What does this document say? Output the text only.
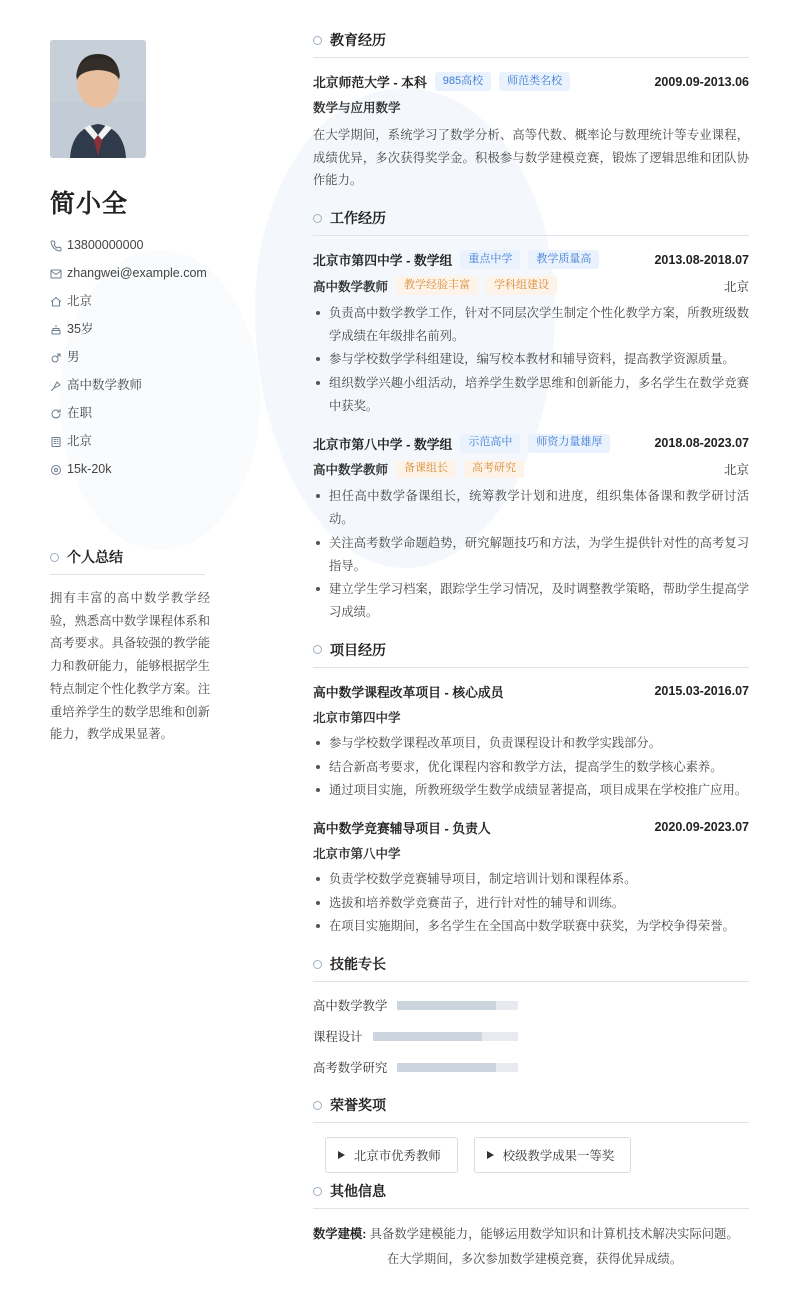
简小全
13800000000
zhangwei@example.com
北京
35岁
男
高中数学教师
在职
北京
15k-20k
个人总结
拥有丰富的高中数学教学经验，熟悉高中数学课程体系和高考要求。具备较强的教学能力和教研能力，能够根据学生特点制定个性化教学方案。注重培养学生的数学思维和创新能力，教学成果显著。
教育经历
北京师范大学 - 本科	985高校	师范类名校	2009.09-2013.06
数学与应用数学
在大学期间，系统学习了数学分析、高等代数、概率论与数理统计等专业课程，成绩优异，多次获得奖学金。积极参与数学建模竞赛，锻炼了逻辑思维和团队协作能力。
工作经历
北京市第四中学 - 数学组	重点中学	教学质量高	2013.08-2018.07
高中数学教师	教学经验丰富	学科组建设	北京
负责高中数学教学工作，针对不同层次学生制定个性化教学方案，所教班级数学成绩在年级排名前列。
参与学校数学学科组建设，编写校本教材和辅导资料，提高教学资源质量。
组织数学兴趣小组活动，培养学生数学思维和创新能力，多名学生在数学竞赛中获奖。
北京市第八中学 - 数学组	示范高中	师资力量雄厚	2018.08-2023.07
高中数学教师	备课组长	高考研究	北京
担任高中数学备课组长，统筹教学计划和进度，组织集体备课和教学研讨活动。
关注高考数学命题趋势，研究解题技巧和方法，为学生提供针对性的高考复习指导。
建立学生学习档案，跟踪学生学习情况，及时调整教学策略，帮助学生提高学习成绩。
项目经历
高中数学课程改革项目 - 核心成员	2015.03-2016.07
北京市第四中学
参与学校数学课程改革项目，负责课程设计和教学实践部分。
结合新高考要求，优化课程内容和教学方法，提高学生的数学核心素养。
通过项目实施，所教班级学生数学成绩显著提高，项目成果在学校推广应用。
高中数学竞赛辅导项目 - 负责人	2020.09-2023.07
北京市第八中学
负责学校数学竞赛辅导项目，制定培训计划和课程体系。
选拔和培养数学竞赛苗子，进行针对性的辅导和训练。
在项目实施期间，多名学生在全国高中数学联赛中获奖，为学校争得荣誉。
技能专长
高中数学教学
课程设计
高考数学研究
荣誉奖项
北京市优秀教师	校级教学成果一等奖
其他信息
数学建模: 具备数学建模能力，能够运用数学知识和计算机技术解决实际问题。
在大学期间，多次参加数学建模竞赛，获得优异成绩。
